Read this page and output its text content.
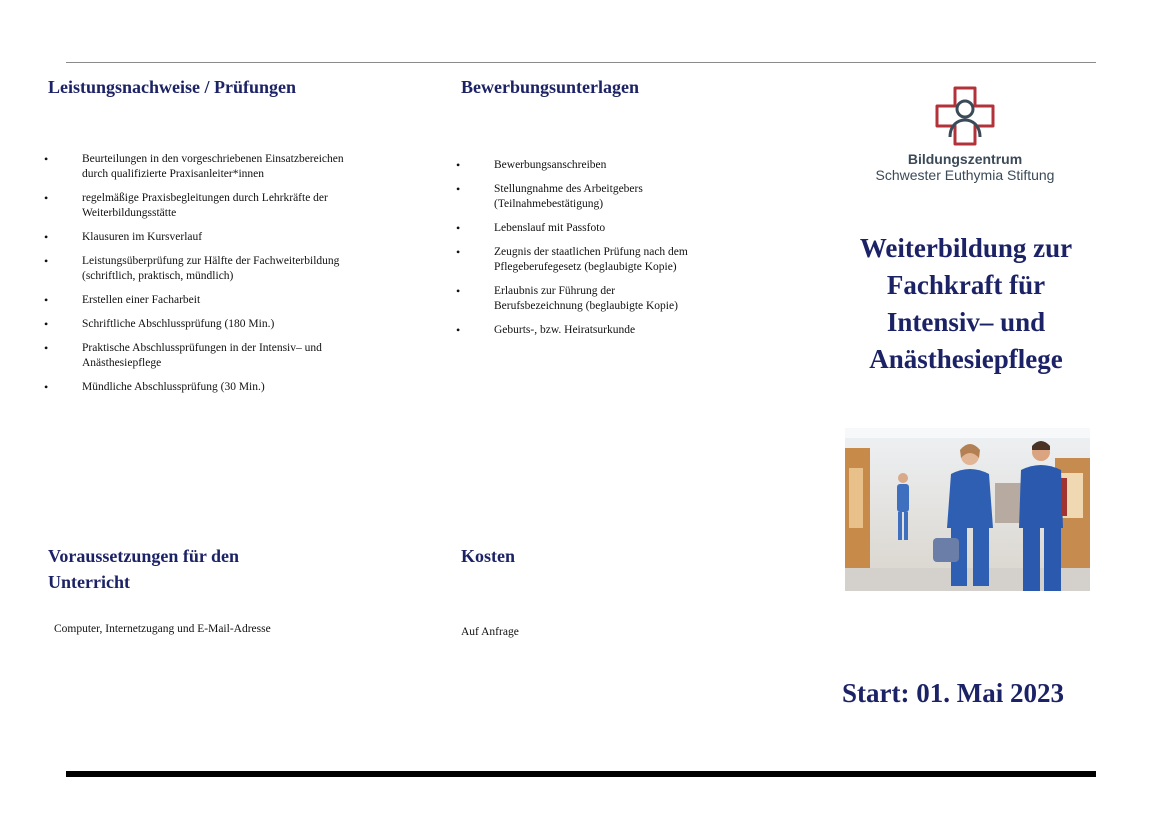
Leistungsnachweise / Prüfungen
• Beurteilungen in den vorgeschriebenen Einsatzbereichen durch qualifizierte Praxisanleiter*innen
• regelmäßige Praxisbegleitungen durch Lehrkräfte der Weiterbildungsstätte
• Klausuren im Kursverlauf
• Leistungsüberprüfung zur Hälfte der Fachweiterbildung (schriftlich, praktisch, mündlich)
• Erstellen einer Facharbeit
• Schriftliche Abschlussprüfung (180 Min.)
• Praktische Abschlussprüfungen in der Intensiv– und Anästhesiepflege
• Mündliche Abschlussprüfung (30 Min.)
Voraussetzungen für den Unterricht
Computer, Internetzugang und E-Mail-Adresse
Bewerbungsunterlagen
• Bewerbungsanschreiben
• Stellungnahme des Arbeitgebers (Teilnahmebestätigung)
• Lebenslauf mit Passfoto
• Zeugnis der staatlichen Prüfung nach dem Pflegeberufegesetz (beglaubigte Kopie)
• Erlaubnis zur Führung der Berufsbezeichnung (beglaubigte Kopie)
• Geburts-, bzw. Heiratsurkunde
Kosten
Auf Anfrage
Bildungszentrum
Schwester Euthymia Stiftung
Weiterbildung zur
Fachkraft für
Intensiv– und
Anästhesiepflege
Start: 01. Mai 2023
